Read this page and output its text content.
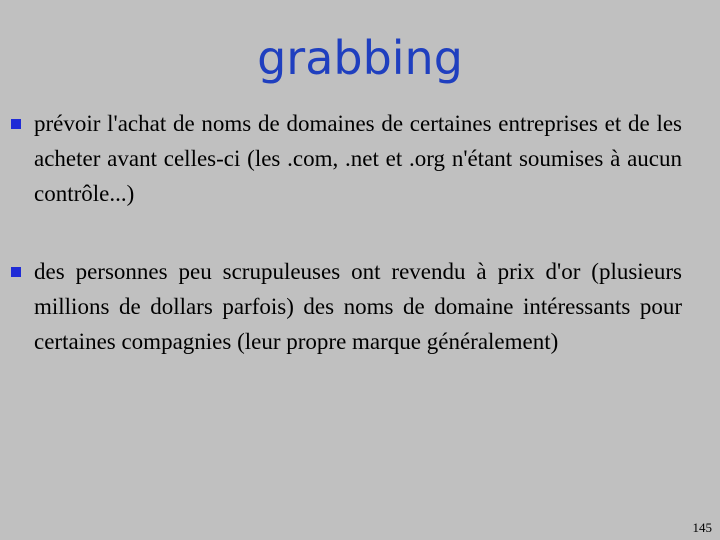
grabbing
prévoir l'achat de noms de domaines de certaines entreprises et de les acheter avant celles-ci (les .com, .net et .org n'étant soumises à aucun contrôle...)
des personnes peu scrupuleuses ont revendu à prix d'or (plusieurs millions de dollars parfois) des noms de domaine intéressants pour certaines compagnies (leur propre marque généralement)
145
